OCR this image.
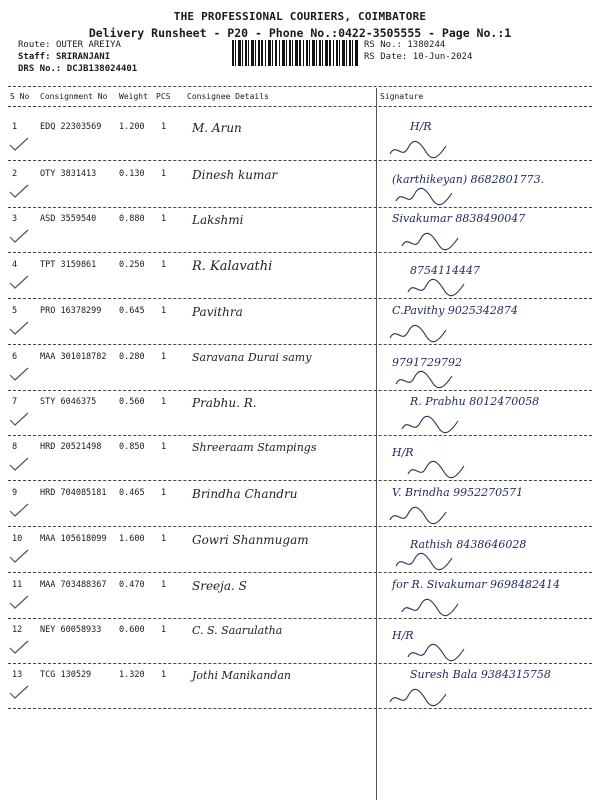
THE PROFESSIONAL COURIERS, COIMBATORE
Delivery Runsheet - P20 - Phone No.:0422-3505555 - Page No.:1
Route: OUTER AREIYA
Staff: SRIRANJANI
DRS No.: DCJB138024401
RS No.: 1380244
RS Date: 10-Jun-2024
S No Consignment No Weight PCS Consignee Details	Signature
1	EDQ 22303569 1.200 1 M. Arun	H/R
2	OTY 3831413	0.130 1 Dinesh kumar	(karthikeyan) 8682801773.
3	ASD 3559540	0.880 1 Lakshmi	Sivakumar 8838490047
4	TPT 3159861	0.250 1 R. Kalavathi	8754114447
5	PRO 16378299 0.645 1 Pavithra	C.Pavithy 9025342874
6	MAA 301018782 0.280 1 Saravana Durai samy	9791729792
7	STY 6046375	0.560 1 Prabhu. R.	R. Prabhu 8012470058
8	HRD 20521498 0.850 1 Shreeraam Stampings	H/R
9	HRD 704085181 0.465 1 Brindha Chandru	V. Brindha 9952270571
10 MAA 105618099 1.600 1 Gowri Shanmugam	Rathish 8438646028
11 MAA 703488367 0.470 1 Sreeja. S	for R. Sivakumar 9698482414
12 NEY 60058933 0.600 1 C. S. Saarulatha	H/R
13 TCG 130529	1.320 1 Jothi Manikandan	Suresh Bala 9384315758
